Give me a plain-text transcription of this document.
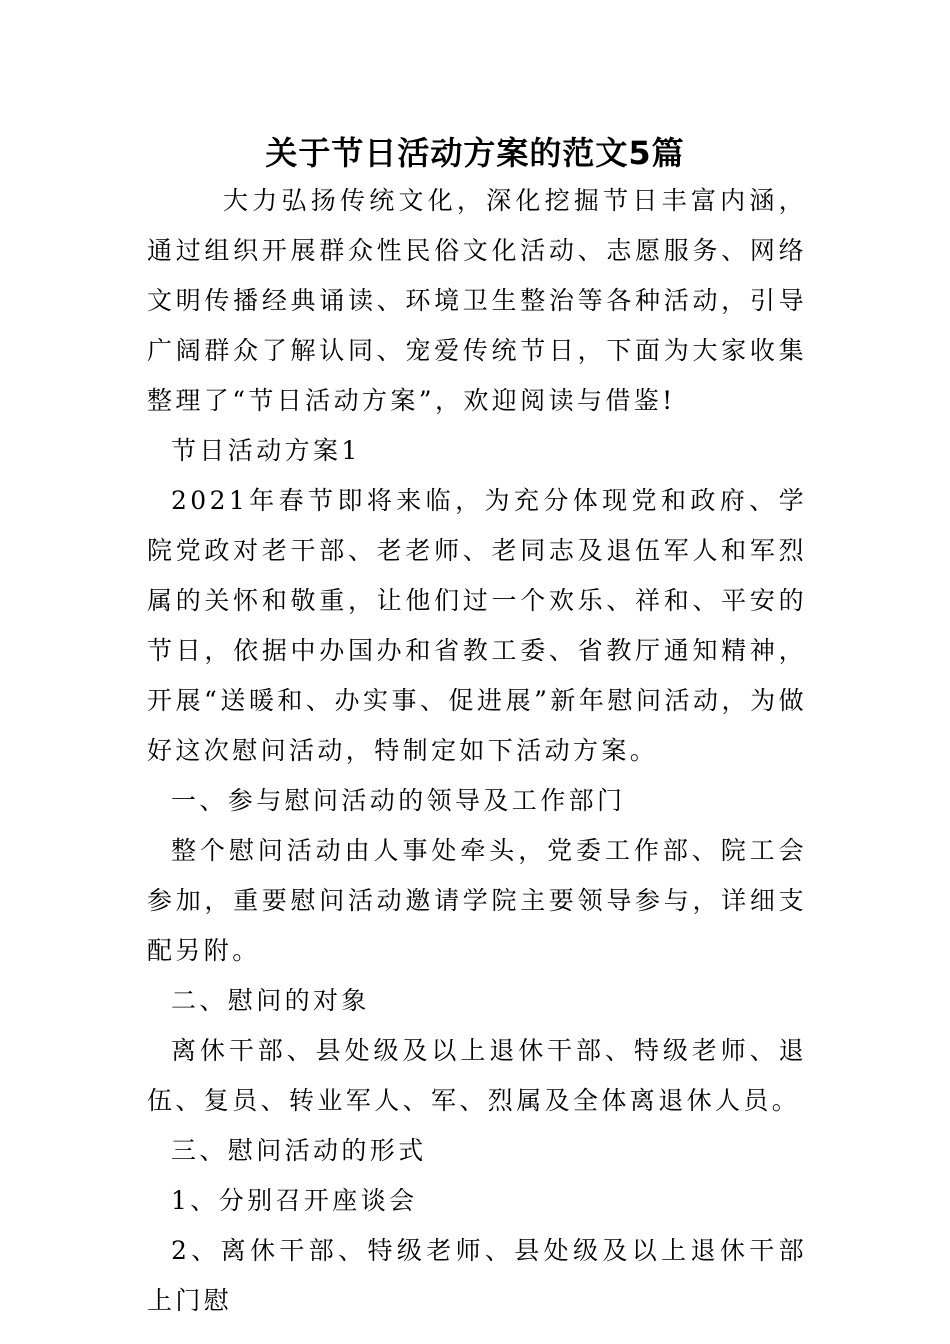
关于节日活动方案的范文5篇

大力弘扬传统文化，深化挖掘节日丰富内涵，通过组织开展群众性民俗文化活动、志愿服务、网络文明传播经典诵读、环境卫生整治等各种活动，引导广阔群众了解认同、宠爱传统节日，下面为大家收集整理了“节日活动方案”，欢迎阅读与借鉴!

节日活动方案1

2021年春节即将来临，为充分体现党和政府、学院党政对老干部、老老师、老同志及退伍军人和军烈属的关怀和敬重，让他们过一个欢乐、祥和、平安的节日，依据中办国办和省教工委、省教厅通知精神，开展“送暖和、办实事、促进展”新年慰问活动，为做好这次慰问活动，特制定如下活动方案。

一、参与慰问活动的领导及工作部门

整个慰问活动由人事处牵头，党委工作部、院工会参加，重要慰问活动邀请学院主要领导参与，详细支配另附。

二、慰问的对象

离休干部、县处级及以上退休干部、特级老师、退伍、复员、转业军人、军、烈属及全体离退休人员。

三、慰问活动的形式

1、分别召开座谈会

2、离休干部、特级老师、县处级及以上退休干部上门慰
